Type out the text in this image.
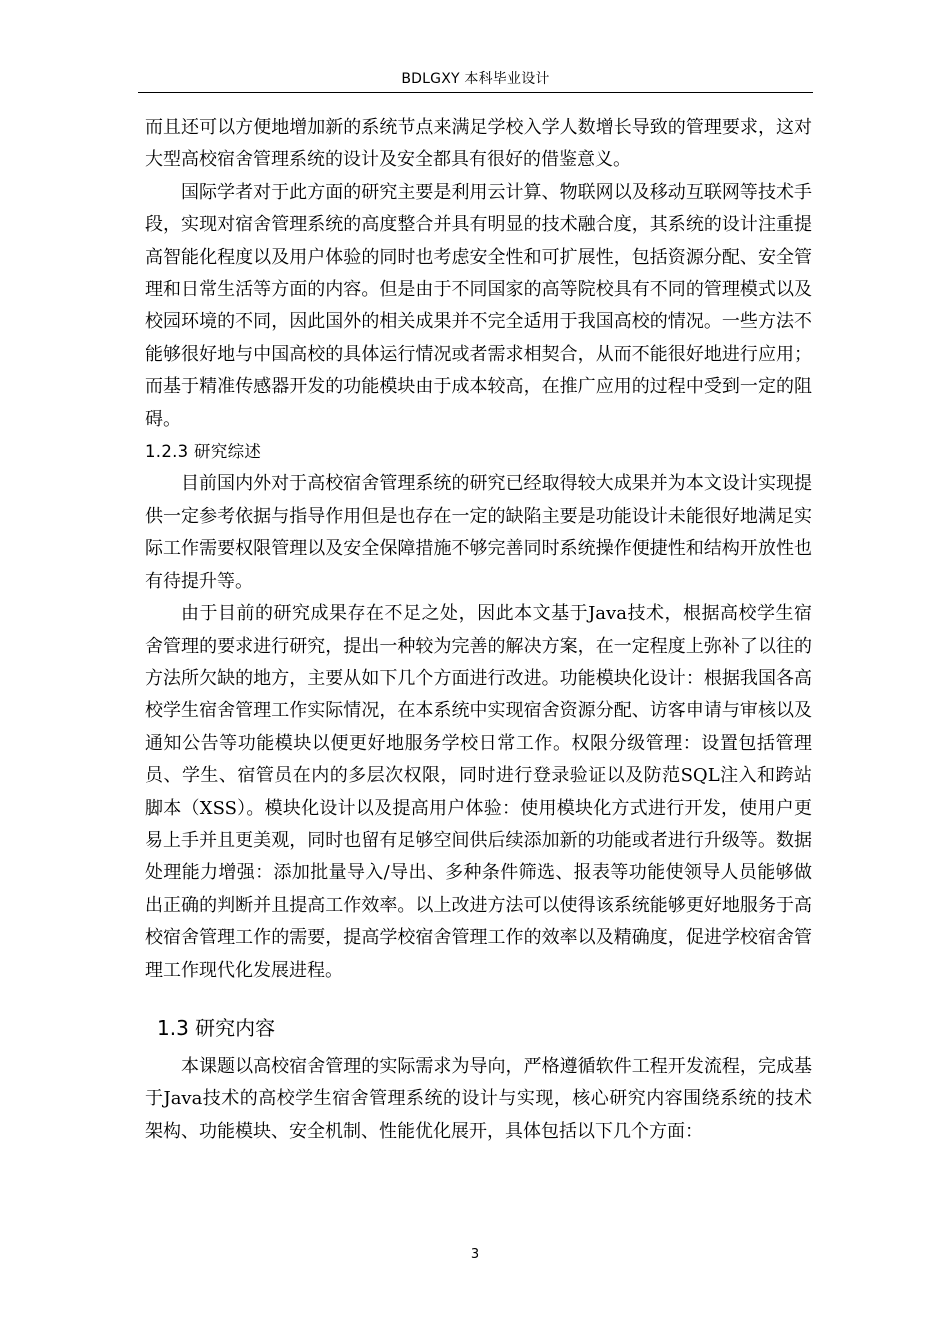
BDLGXY 本科毕业设计

而且还可以方便地增加新的系统节点来满足学校入学人数增长导致的管理要求，这对大型高校宿舍管理系统的设计及安全都具有很好的借鉴意义。

国际学者对于此方面的研究主要是利用云计算、物联网以及移动互联网等技术手段，实现对宿舍管理系统的高度整合并具有明显的技术融合度，其系统的设计注重提高智能化程度以及用户体验的同时也考虑安全性和可扩展性，包括资源分配、安全管理和日常生活等方面的内容。但是由于不同国家的高等院校具有不同的管理模式以及校园环境的不同，因此国外的相关成果并不完全适用于我国高校的情况。一些方法不能够很好地与中国高校的具体运行情况或者需求相契合，从而不能很好地进行应用；而基于精准传感器开发的功能模块由于成本较高，在推广应用的过程中受到一定的阻碍。

1.2.3 研究综述

目前国内外对于高校宿舍管理系统的研究已经取得较大成果并为本文设计实现提供一定参考依据与指导作用但是也存在一定的缺陷主要是功能设计未能很好地满足实际工作需要权限管理以及安全保障措施不够完善同时系统操作便捷性和结构开放性也有待提升等。

由于目前的研究成果存在不足之处，因此本文基于Java技术，根据高校学生宿舍管理的要求进行研究，提出一种较为完善的解决方案，在一定程度上弥补了以往的方法所欠缺的地方，主要从如下几个方面进行改进。功能模块化设计：根据我国各高校学生宿舍管理工作实际情况，在本系统中实现宿舍资源分配、访客申请与审核以及通知公告等功能模块以便更好地服务学校日常工作。权限分级管理：设置包括管理员、学生、宿管员在内的多层次权限，同时进行登录验证以及防范SQL注入和跨站脚本（XSS）。模块化设计以及提高用户体验：使用模块化方式进行开发，使用户更易上手并且更美观，同时也留有足够空间供后续添加新的功能或者进行升级等。数据处理能力增强：添加批量导入/导出、多种条件筛选、报表等功能使领导人员能够做出正确的判断并且提高工作效率。以上改进方法可以使得该系统能够更好地服务于高校宿舍管理工作的需要，提高学校宿舍管理工作的效率以及精确度，促进学校宿舍管理工作现代化发展进程。

1.3 研究内容

本课题以高校宿舍管理的实际需求为导向，严格遵循软件工程开发流程，完成基于Java技术的高校学生宿舍管理系统的设计与实现，核心研究内容围绕系统的技术架构、功能模块、安全机制、性能优化展开，具体包括以下几个方面：

3
